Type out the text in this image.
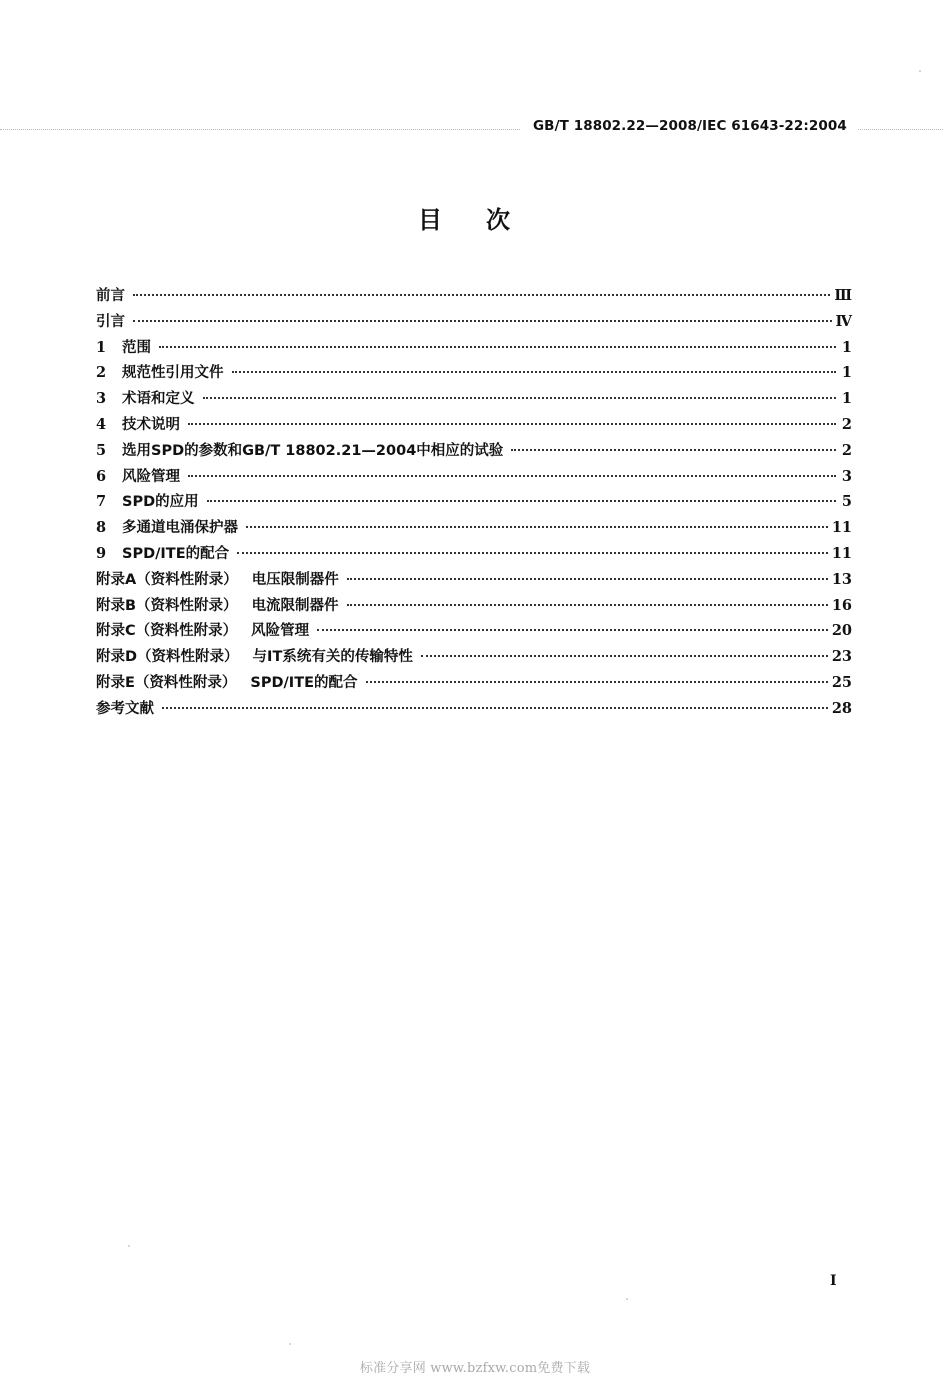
GB/T 18802.22—2008/IEC 61643-22:2004
目次
前言	Ⅲ
引言	Ⅳ
1	范围	1
2	规范性引用文件	1
3	术语和定义	1
4	技术说明	2
5	选用SPD的参数和GB/T 18802.21—2004中相应的试验	2
6	风险管理	3
7	SPD的应用	5
8	多通道电涌保护器	11
9	SPD/ITE的配合	11
附录A（资料性附录） 电压限制器件	13
附录B（资料性附录） 电流限制器件	16
附录C（资料性附录） 风险管理	20
附录D（资料性附录） 与IT系统有关的传输特性	23
附录E（资料性附录） SPD/ITE的配合	25
参考文献	28
I
标准分享网 www.bzfxw.com免费下载
